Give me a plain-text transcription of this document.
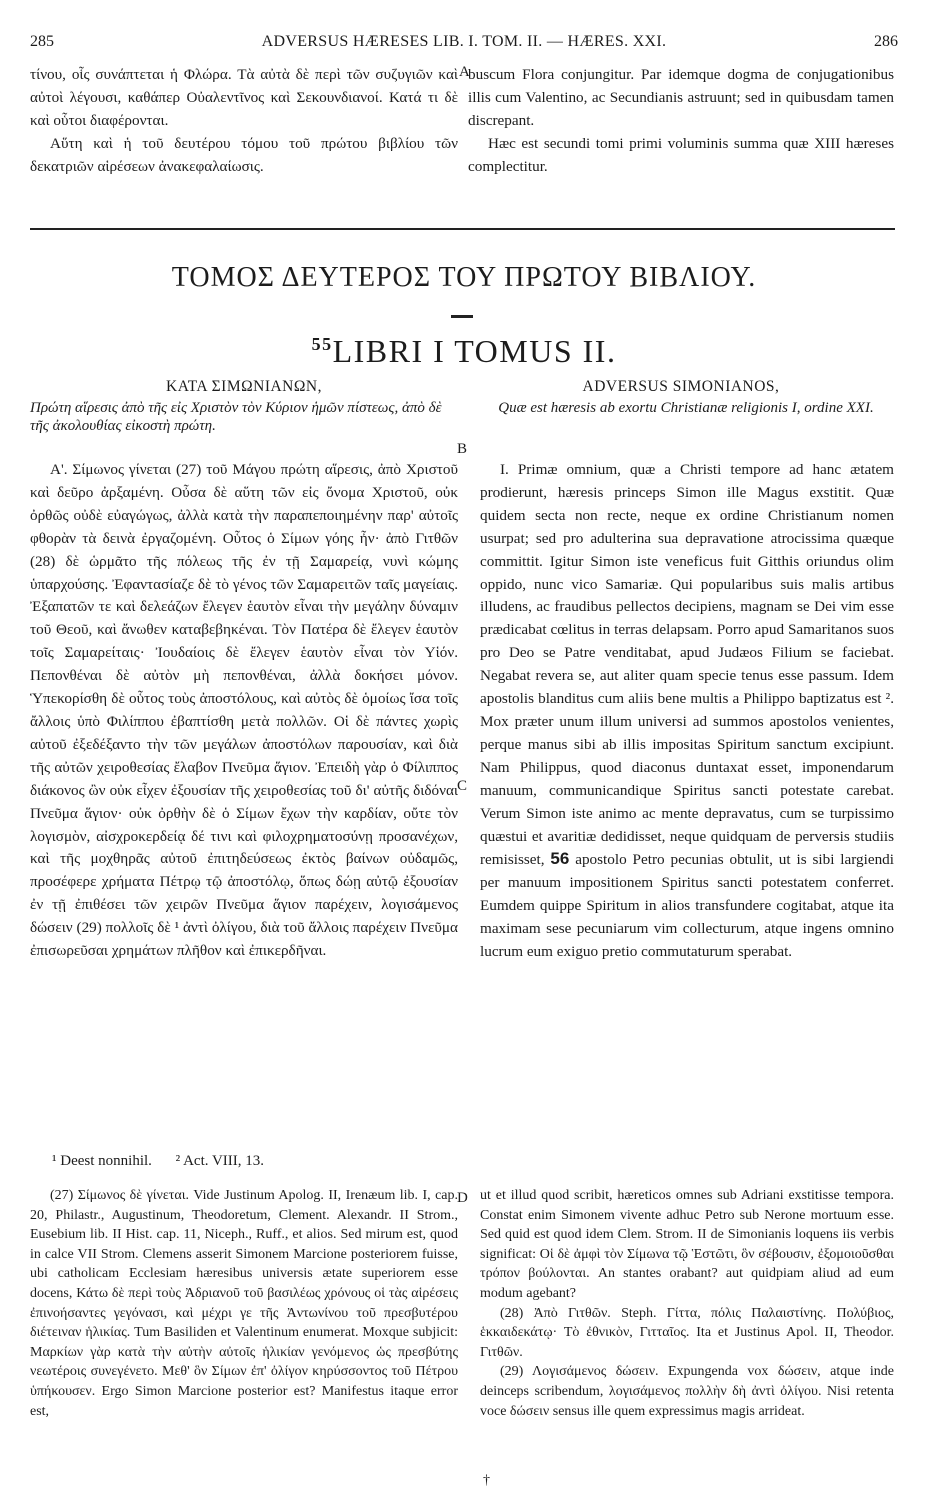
285	ADVERSUS HÆRESES LIB. I. TOM. II. — HÆRES. XXI.	286

τίνου, οἷς συνάπτεται ἡ Φλώρα. Τὰ αὐτὰ δὲ περὶ τῶν συζυγιῶν καὶ αὐτοὶ λέγουσι, καθάπερ Οὐαλεντῖνος καὶ Σεκουνδιανοί. Κατά τι δὲ καὶ οὗτοι διαφέρονται.

Αὕτη καὶ ἡ τοῦ δευτέρου τόμου τοῦ πρώτου βιβλίου τῶν δεκατριῶν αἱρέσεων ἀνακεφαλαίωσις.

A

buscum Flora conjungitur. Par idemque dogma de conjugationibus illis cum Valentino, ac Secundianis astruunt; sed in quibusdam tamen discrepant.

Hæc est secundi tomi primi voluminis summa quæ XIII hæreses complectitur.

ΤΟΜΟΣ ΔΕΥΤΕΡΟΣ ΤΟΥ ΠΡΩΤΟΥ ΒΙΒΛΙΟΥ.
$^{55}$LIBRI I TOMUS II.
ΚΑΤΑ ΣΙΜΩΝΙΑΝΩΝ,	ADVERSUS SIMONIANOS,
Πρώτη αἵρεσις ἀπὸ τῆς εἰς Χριστὸν τὸν Κύριον ἡμῶν πίστεως, ἀπὸ δὲ τῆς ἀκολουθίας εἰκοστὴ πρώτη.
Quæ est hæresis ab exortu Christianæ religionis I, ordine XXI.
B

Α'. Σίμωνος γίνεται (27) τοῦ Μάγου πρώτη αἵρεσις, ἀπὸ Χριστοῦ καὶ δεῦρο ἀρξαμένη. Οὖσα δὲ αὕτη τῶν εἰς ὄνομα Χριστοῦ, οὐκ ὀρθῶς οὐδὲ εὐαγώγως, ἀλλὰ κατὰ τὴν παραπεποιημένην παρ' αὐτοῖς φθορὰν τὰ δεινὰ ἐργαζομένη. Οὗτος ὁ Σίμων γόης ἦν· ἀπὸ Γιτθῶν (28) δὲ ὡρμᾶτο τῆς πόλεως τῆς ἐν τῇ Σαμαρείᾳ, νυνὶ κώμης ὑπαρχούσης. Ἐφαντασίαζε δὲ τὸ γένος τῶν Σαμαρειτῶν ταῖς μαγείαις. Ἐξαπατῶν τε καὶ δελεάζων ἔλεγεν ἑαυτὸν εἶναι τὴν μεγάλην δύναμιν τοῦ Θεοῦ, καὶ ἄνωθεν καταβεβηκέναι. Τὸν Πατέρα δὲ ἔλεγεν ἑαυτὸν τοῖς Σαμαρείταις· Ἰουδαίοις δὲ ἔλεγεν ἑαυτὸν εἶναι τὸν Υἱόν. Πεπονθέναι δὲ αὐτὸν μὴ πεπονθέναι, ἀλλὰ δοκήσει μόνον. Ὑπεκορίσθη δὲ οὗτος τοὺς ἀποστόλους, καὶ αὐτὸς δὲ ὁμοίως ἴσα τοῖς ἄλλοις ὑπὸ Φιλίππου ἐβαπτίσθη μετὰ πολλῶν. Οἱ δὲ πάντες χωρὶς αὐτοῦ ἐξεδέξαντο τὴν τῶν μεγάλων ἀποστόλων παρουσίαν, καὶ διὰ τῆς αὐτῶν χειροθεσίας ἔλαβον Πνεῦμα ἅγιον. Ἐπειδὴ γὰρ ὁ Φίλιππος διάκονος ὢν οὐκ εἶχεν ἐξουσίαν τῆς χειροθεσίας τοῦ δι' αὐτῆς διδόναι Πνεῦμα ἅγιον· οὐκ ὀρθὴν δὲ ὁ Σίμων ἔχων τὴν καρδίαν, οὔτε τὸν λογισμὸν, αἰσχροκερδείᾳ δέ τινι καὶ φιλοχρηματοσύνῃ προσανέχων, καὶ τῆς μοχθηρᾶς αὐτοῦ ἐπιτηδεύσεως ἐκτὸς βαίνων οὐδαμῶς, προσέφερε χρήματα Πέτρῳ τῷ ἀποστόλῳ, ὅπως δώῃ αὐτῷ ἐξουσίαν ἐν τῇ ἐπιθέσει τῶν χειρῶν Πνεῦμα ἅγιον παρέχειν, λογισάμενος δώσειν (29) πολλοῖς δὲ ¹ ἀντὶ ὀλίγου, διὰ τοῦ ἄλλοις παρέχειν Πνεῦμα ἐπισωρεῦσαι χρημάτων πλῆθον καὶ ἐπικερδῆναι.

C

I. Primæ omnium, quæ a Christi tempore ad hanc ætatem prodierunt, hæresis princeps Simon ille Magus exstitit. Quæ quidem secta non recte, neque ex ordine Christianum nomen usurpat; sed pro adulterina sua depravatione atrocissima quæque committit. Igitur Simon iste veneficus fuit Gitthis oriundus olim oppido, nunc vico Samariæ. Qui popularibus suis malis artibus illudens, ac fraudibus pellectos decipiens, magnam se Dei vim esse prædicabat cœlitus in terras delapsam. Porro apud Samaritanos suos pro Deo se Patre venditabat, apud Judæos Filium se faciebat. Negabat revera se, aut aliter quam specie tenus esse passum. Idem apostolis blanditus cum aliis bene multis a Philippo baptizatus est ². Mox præter unum illum universi ad summos apostolos venientes, perque manus sibi ab illis impositas Spiritum sanctum excipiunt. Nam Philippus, quod diaconus duntaxat esset, imponendarum manuum, communicandique Spiritus sancti potestate carebat. Verum Simon iste animo ac mente depravatus, cum se turpissimo quæstui et avaritiæ dedidisset, neque quidquam de perversis studiis remisisset, 56 apostolo Petro pecunias obtulit, ut is sibi largiendi per manuum impositionem Spiritus sancti potestatem conferret. Eumdem quippe Spiritum in alios transfundere cogitabat, atque ita maximam sese pecuniarum vim collecturum, atque ingens omnino lucrum eum exiguo pretio commutaturum sperabat.

¹ Deest nonnihil. ² Act. VIII, 13.

(27) Σίμωνος δὲ γίνεται. Vide Justinum Apolog. II, Irenæum lib. I, cap. 20, Philastr., Augustinum, Theodoretum, Clement. Alexandr. II Strom., Eusebium lib. II Hist. cap. 11, Niceph., Ruff., et alios. Sed mirum est, quod in calce VII Strom. Clemens asserit Simonem Marcione posteriorem fuisse, ubi catholicam Ecclesiam hæresibus universis ætate superiorem esse docens, Κάτω δὲ περὶ τοὺς Ἀδριανοῦ τοῦ βασιλέως χρόνους οἱ τὰς αἱρέσεις ἐπινοήσαντες γεγόνασι, καὶ μέχρι γε τῆς Ἀντωνίνου τοῦ πρεσβυτέρου διέτειναν ἡλικίας. Tum Basiliden et Valentinum enumerat. Moxque subjicit: Μαρκίων γὰρ κατὰ τὴν αὐτὴν αὐτοῖς ἡλικίαν γενόμενος ὡς πρεσβύτης νεωτέροις συνεγένετο. Μεθ' ὃν Σίμων ἐπ' ὀλίγον κηρύσσοντος τοῦ Πέτρου ὑπήκουσεν. Ergo Simon Marcione posterior est? Manifestus itaque error est,

D ut et illud quod scribit, hæreticos omnes sub Adriani exstitisse tempora. Constat enim Simonem vivente adhuc Petro sub Nerone mortuum esse. Sed quid est quod idem Clem. Strom. II de Simonianis loquens iis verbis significat: Οἱ δὲ ἀμφὶ τὸν Σίμωνα τῷ Ἑστῶτι, ὃν σέβουσιν, ἐξομοιοῦσθαι τρόπον βούλονται. An stantes orabant? aut quidpiam aliud ad eum modum agebant?

(28) Ἀπὸ Γιτθῶν. Steph. Γίττα, πόλις Παλαιστίνης. Πολύβιος, ἑκκαιδεκάτῳ· Τὸ ἐθνικὸν, Γιτταῖος. Ita et Justinus Apol. II, Theodor. Γιτθῶν.

(29) Λογισάμενος δώσειν. Expungenda vox δώσειν, atque inde deinceps scribendum, λογισάμενος πολλὴν δὴ ἀντὶ ὀλίγου. Nisi retenta voce δώσειν sensus ille quem expressimus magis arrideat.

†
